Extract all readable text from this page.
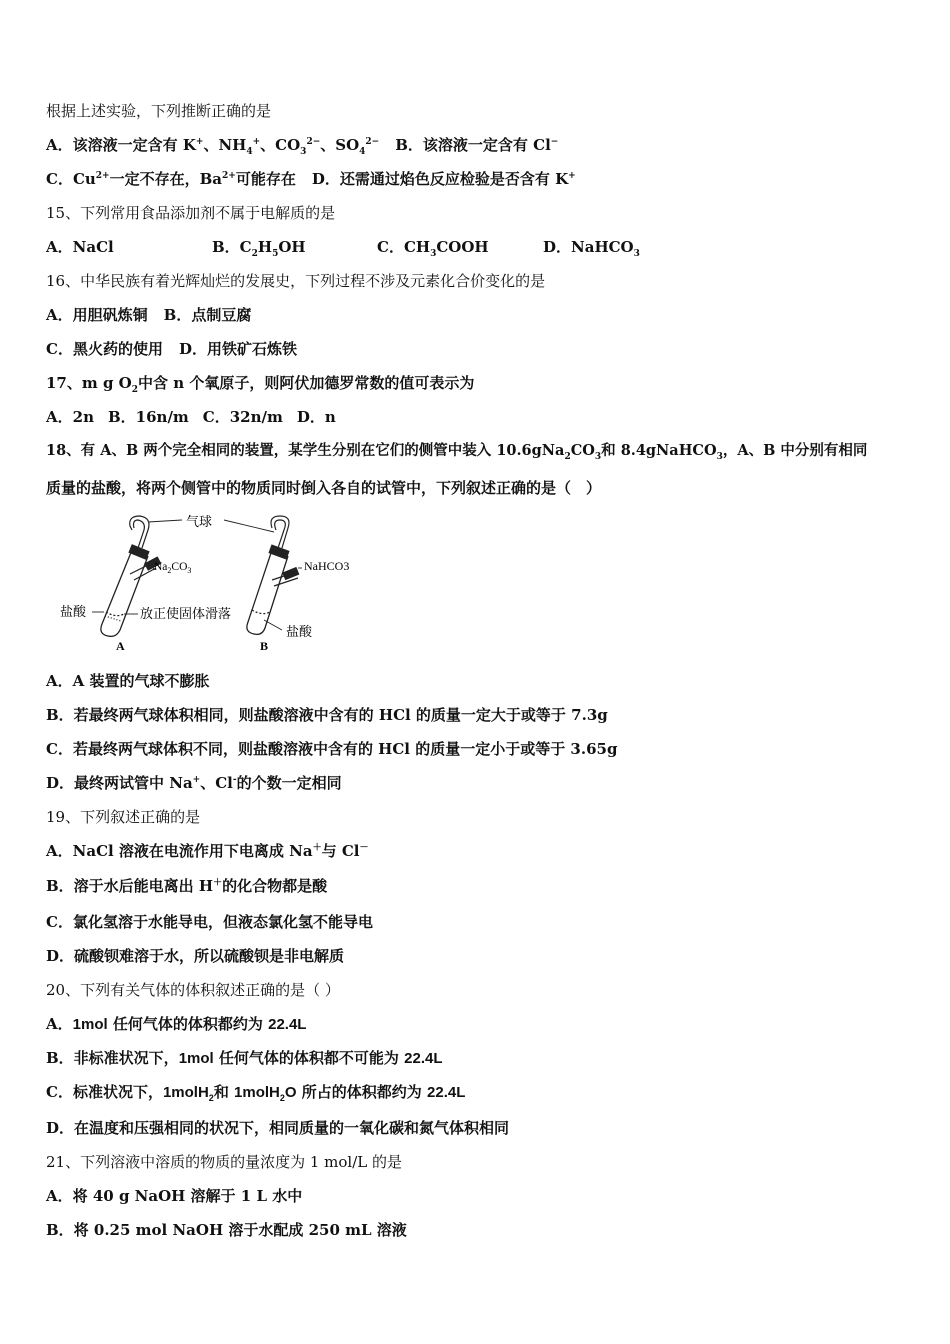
根据上述实验，下列推断正确的是
A．该溶液一定含有 K+、$NH_4^+$、$CO_3^{2-}$、$SO_4^{2-}$ B．该溶液一定含有 Cl−
C．$Cu^{2+}$一定不存在，$Ba^{2+}$可能存在 D．还需通过焰色反应检验是否含有 K+
15、下列常用食品添加剂不属于电解质的是
A．NaCl	B．$C_2H_5OH$	C．$CH_3COOH$	D．NaHCO$_3$
16、中华民族有着光辉灿烂的发展史，下列过程不涉及元素化合价变化的是
A．用胆矾炼铜 B．点制豆腐
C．黑火药的使用 D．用铁矿石炼铁
17、m g $O_2$中含 n 个氧原子，则阿伏加德罗常数的值可表示为
A．2n B．16n/m C．32n/m D．n
18、有 A、B 两个完全相同的装置，某学生分别在它们的侧管中装入 $10.6gNa_2CO_3$和 8.4gNaHCO$_3$，A、B 中分别有相同
质量的盐酸，将两个侧管中的物质同时倒入各自的试管中，下列叙述正确的是（　）
气球
$Na_2CO_3$	NaHCO3
盐酸	放正使固体滑落
盐酸
A	B
A．A 装置的气球不膨胀
B．若最终两气球体积相同，则盐酸溶液中含有的 HCl 的质量一定大于或等于 7.3g
C．若最终两气球体积不同，则盐酸溶液中含有的 HCl 的质量一定小于或等于 3.65g
D．最终两试管中 Na+、Cl-的个数一定相同
19、下列叙述正确的是
A．NaCl 溶液在电流作用下电离成 Na＋与 Cl－
B．溶于水后能电离出 H＋的化合物都是酸
C．氯化氢溶于水能导电，但液态氯化氢不能导电
D．硫酸钡难溶于水，所以硫酸钡是非电解质
20、下列有关气体的体积叙述正确的是（ ）
A．1mol 任何气体的体积都约为 22.4L
B．非标准状况下，1mol 任何气体的体积都不可能为 22.4L
C．标准状况下，1molH$_2$和 1molH$_2$O 所占的体积都约为 22.4L
D．在温度和压强相同的状况下，相同质量的一氧化碳和氮气体积相同
21、下列溶液中溶质的物质的量浓度为 1 mol/L 的是
A．将 40 g NaOH 溶解于 1 L 水中
B．将 0.25 mol NaOH 溶于水配成 250 mL 溶液
